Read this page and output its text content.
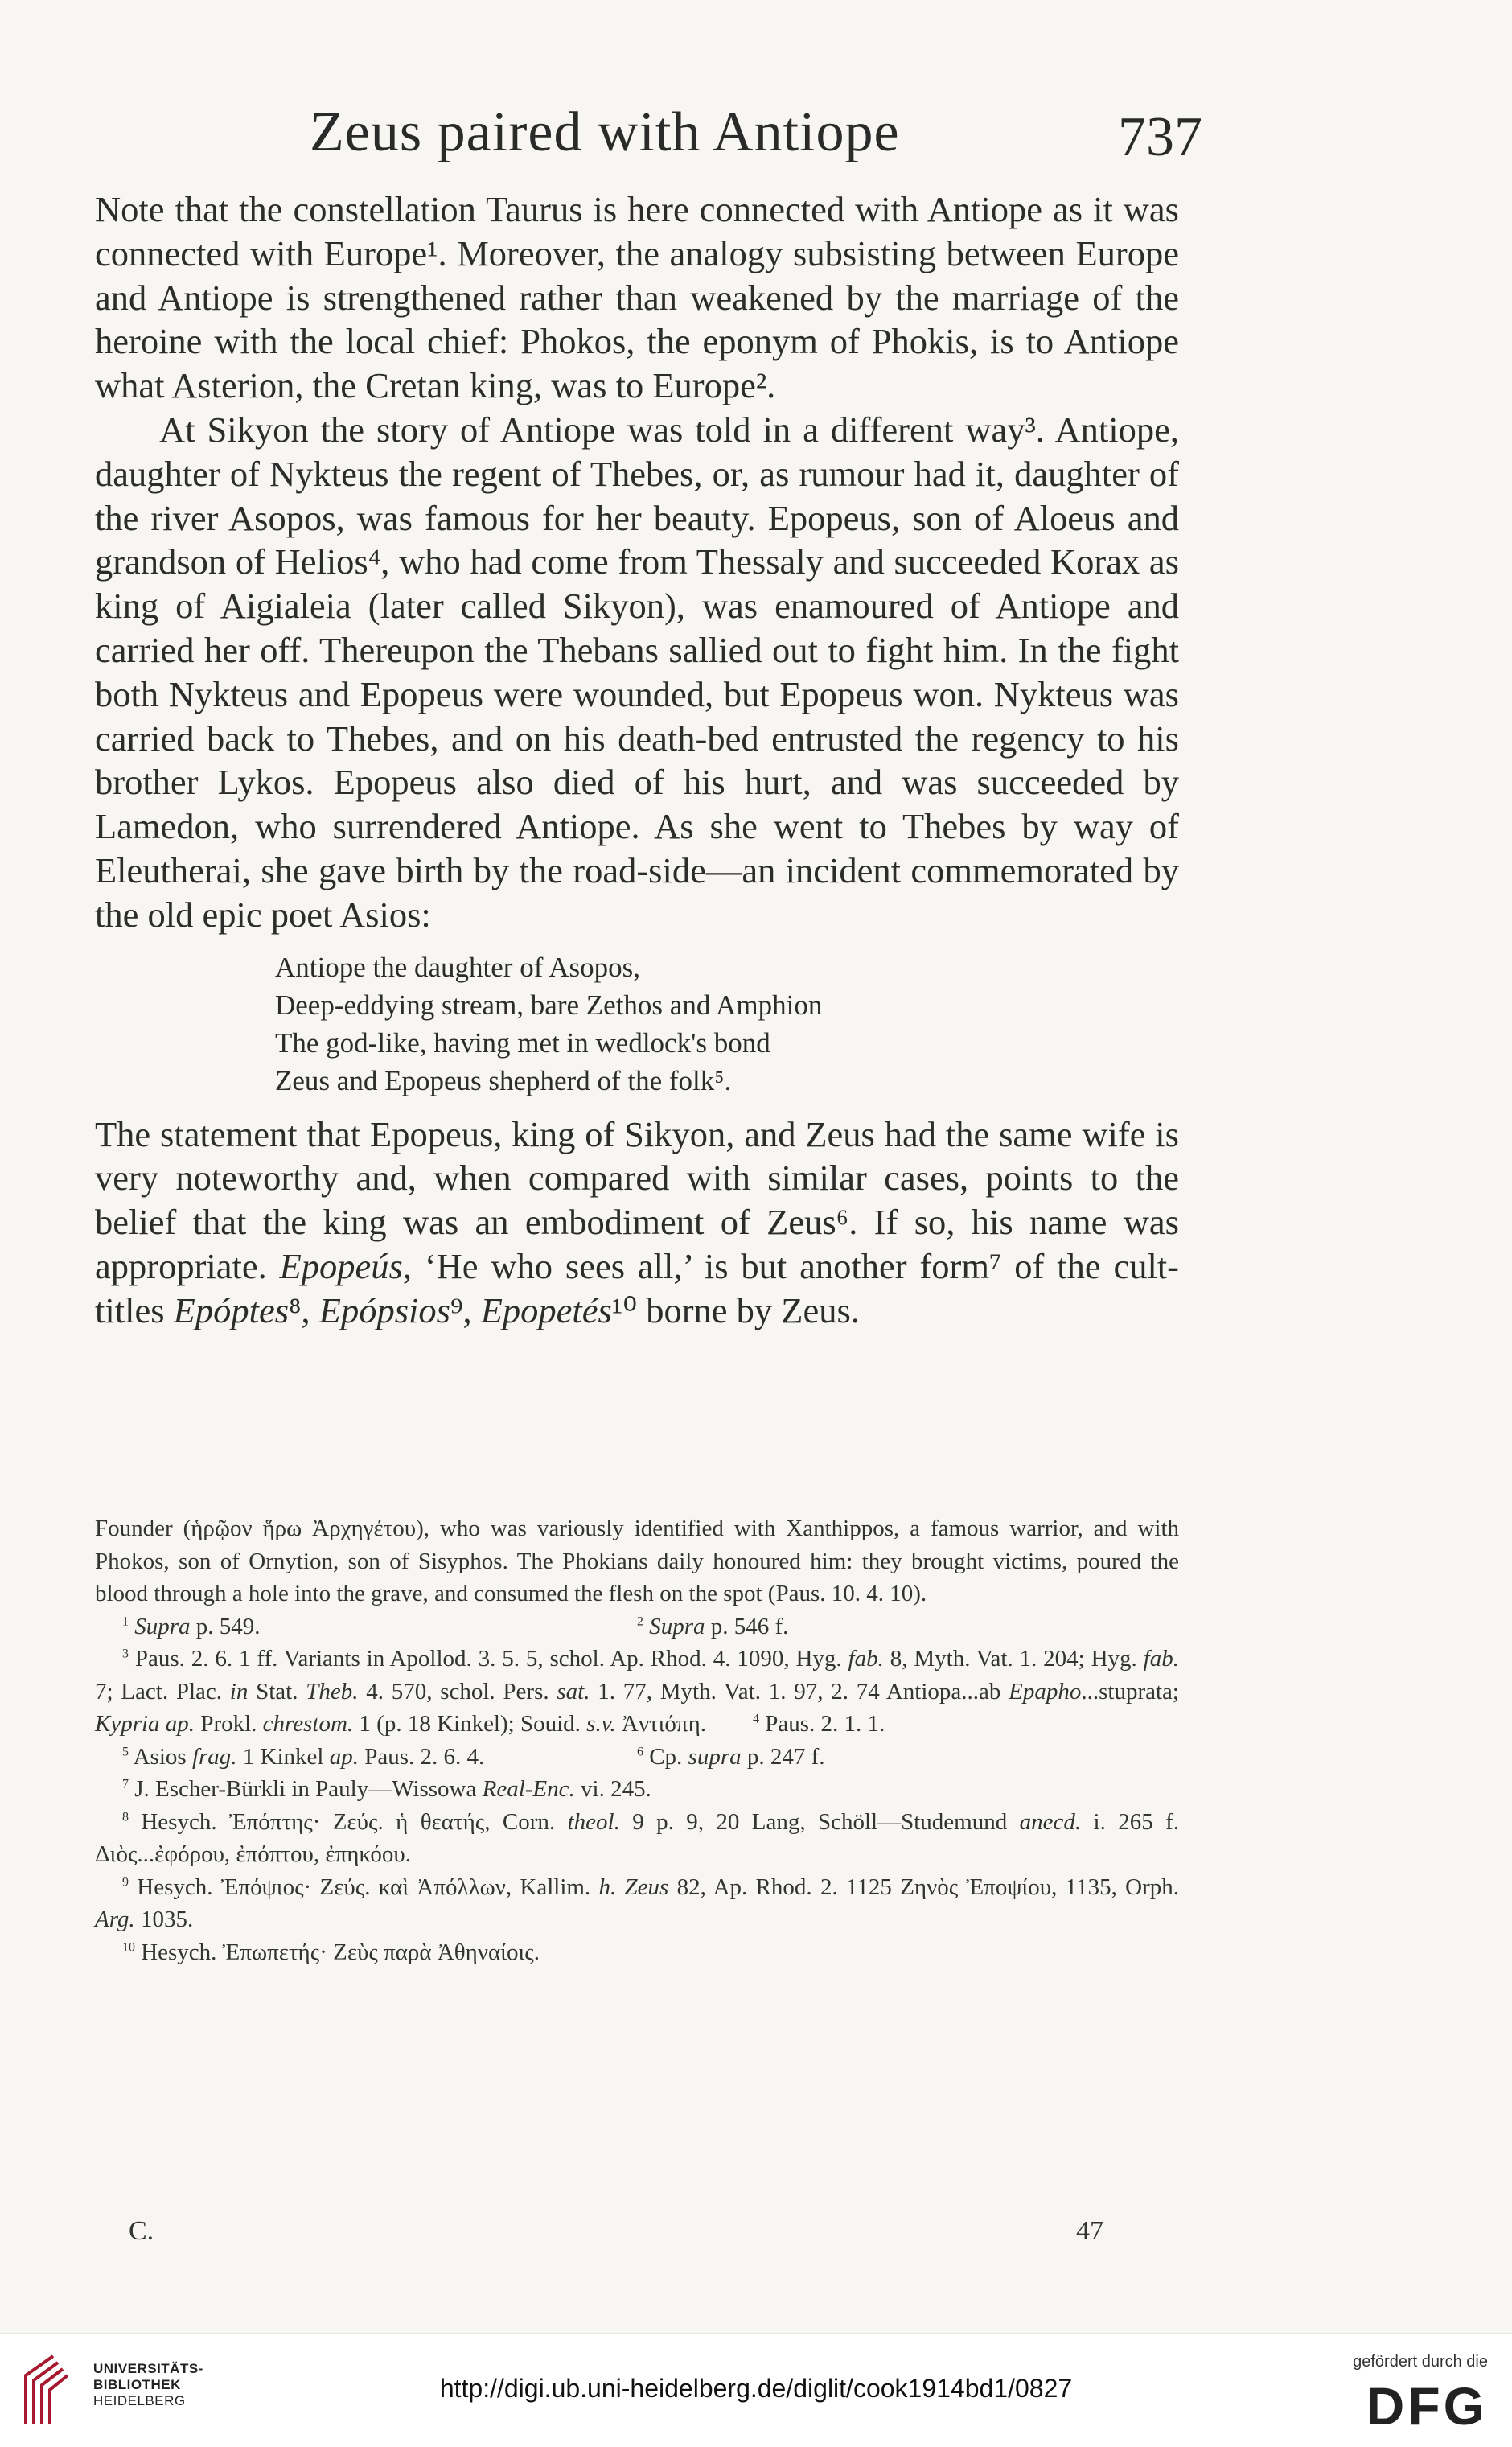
Zeus paired with Antiope	737

Note that the constellation Taurus is here connected with Antiope as it was connected with Europe¹. Moreover, the analogy subsisting between Europe and Antiope is strengthened rather than weakened by the marriage of the heroine with the local chief: Phokos, the eponym of Phokis, is to Antiope what Asterion, the Cretan king, was to Europe².

At Sikyon the story of Antiope was told in a different way³. Antiope, daughter of Nykteus the regent of Thebes, or, as rumour had it, daughter of the river Asopos, was famous for her beauty. Epopeus, son of Aloeus and grandson of Helios⁴, who had come from Thessaly and succeeded Korax as king of Aigialeia (later called Sikyon), was enamoured of Antiope and carried her off. Thereupon the Thebans sallied out to fight him. In the fight both Nykteus and Epopeus were wounded, but Epopeus won. Nykteus was carried back to Thebes, and on his death-bed entrusted the regency to his brother Lykos. Epopeus also died of his hurt, and was succeeded by Lamedon, who surrendered Antiope. As she went to Thebes by way of Eleutherai, she gave birth by the road-side—an incident commemorated by the old epic poet Asios:

Antiope the daughter of Asopos,
Deep-eddying stream, bare Zethos and Amphion
The god-like, having met in wedlock's bond
Zeus and Epopeus shepherd of the folk⁵.

The statement that Epopeus, king of Sikyon, and Zeus had the same wife is very noteworthy and, when compared with similar cases, points to the belief that the king was an embodiment of Zeus⁶. If so, his name was appropriate. Epopeús, ‘He who sees all,’ is but another form⁷ of the cult-titles Epóptes⁸, Epópsios⁹, Epopetés¹⁰ borne by Zeus.

Founder (ἡρῷον ἥρω Ἀρχηγέτου), who was variously identified with Xanthippos, a famous warrior, and with Phokos, son of Ornytion, son of Sisyphos. The Phokians daily honoured him: they brought victims, poured the blood through a hole into the grave, and consumed the flesh on the spot (Paus. 10. 4. 10).

$^1$ Supra p. 549.	$^2$ Supra p. 546 f.

$^3$ Paus. 2. 6. 1 ff. Variants in Apollod. 3. 5. 5, schol. Ap. Rhod. 4. 1090, Hyg. fab. 8, Myth. Vat. 1. 204; Hyg. fab. 7; Lact. Plac. in Stat. Theb. 4. 570, schol. Pers. sat. 1. 77, Myth. Vat. 1. 97, 2. 74 Antiopa...ab Epapho...stuprata; Kypria ap. Prokl. chrestom. 1 (p. 18 Kinkel); Souid. s.v. Ἀντιόπη.  	$^4$ Paus. 2. 1. 1.

$^5$ Asios frag. 1 Kinkel ap. Paus. 2. 6. 4.	$^6$ Cp. supra p. 247 f.

$^7$ J. Escher-Bürkli in Pauly—Wissowa Real-Enc. vi. 245.

$^8$ Hesych. Ἐπόπτης· Ζεύς. ἡ θεατής, Corn. theol. 9 p. 9, 20 Lang, Schöll—Studemund anecd. i. 265 f. Διὸς...ἐφόρου, ἐπόπτου, ἐπηκόου.

$^9$ Hesych. Ἐπόψιος· Ζεύς. καὶ Ἀπόλλων, Kallim. h. Zeus 82, Ap. Rhod. 2. 1125 Ζηνὸς Ἐποψίου, 1135, Orph. Arg. 1035.

$^{10}$ Hesych. Ἐπωπετής· Ζεὺς παρὰ Ἀθηναίοις.

C.	47
UNIVERSITÄTS-
BIBLIOTHEK
HEIDELBERG	http://digi.ub.uni-heidelberg.de/diglit/cook1914bd1/0827
gefördert durch die
DFG
